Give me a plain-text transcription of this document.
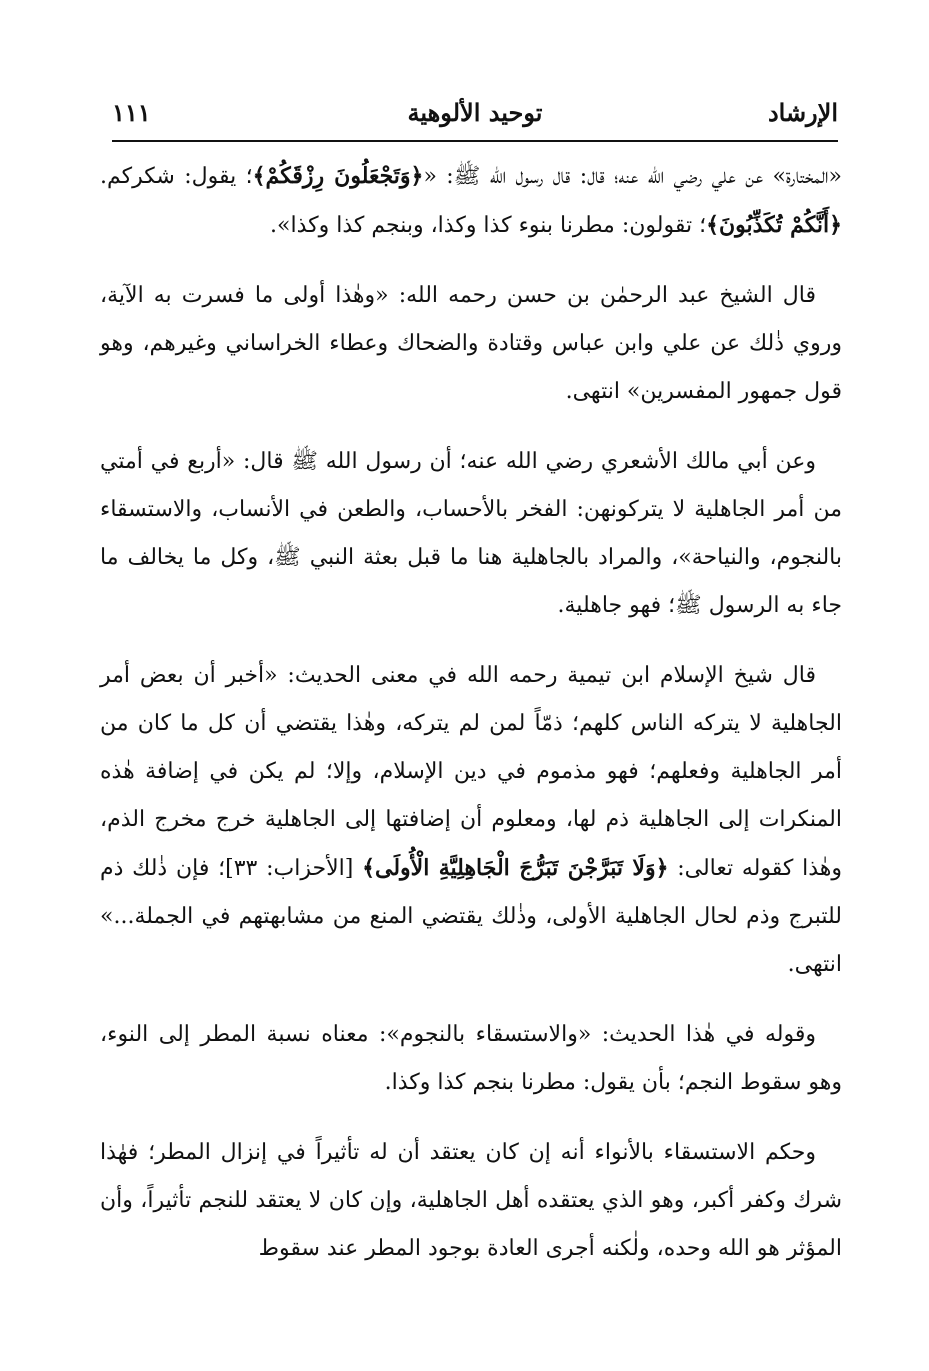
الإرشاد
توحيد الألوهية
١١١

«المختارة» عن علي رضي الله عنه؛ قال: قال رسول الله ﷺ: «﴿وَتَجْعَلُونَ رِزْقَكُمْ﴾؛ يقول: شكركم. ﴿أَنَّكُمْ تُكَذِّبُونَ﴾؛ تقولون: مطرنا بنوء كذا وكذا، وبنجم كذا وكذا».

قال الشيخ عبد الرحمٰن بن حسن رحمه الله: «وهٰذا أولى ما فسرت به الآية، وروي ذٰلك عن علي وابن عباس وقتادة والضحاك وعطاء الخراساني وغيرهم، وهو قول جمهور المفسرين» انتهى.

وعن أبي مالك الأشعري رضي الله عنه؛ أن رسول الله ﷺ قال: «أربع في أمتي من أمر الجاهلية لا يتركونهن: الفخر بالأحساب، والطعن في الأنساب، والاستسقاء بالنجوم، والنياحة»، والمراد بالجاهلية هنا ما قبل بعثة النبي ﷺ، وكل ما يخالف ما جاء به الرسول ﷺ؛ فهو جاهلية.

قال شيخ الإسلام ابن تيمية رحمه الله في معنى الحديث: «أخبر أن بعض أمر الجاهلية لا يتركه الناس كلهم؛ ذمّاً لمن لم يتركه، وهٰذا يقتضي أن كل ما كان من أمر الجاهلية وفعلهم؛ فهو مذموم في دين الإسلام، وإلا؛ لم يكن في إضافة هٰذه المنكرات إلى الجاهلية ذم لها، ومعلوم أن إضافتها إلى الجاهلية خرج مخرج الذم، وهٰذا كقوله تعالى: ﴿وَلَا تَبَرَّجْنَ تَبَرُّجَ الْجَاهِلِيَّةِ الْأُولَى﴾ [الأحزاب: ٣٣]؛ فإن ذٰلك ذم للتبرج وذم لحال الجاهلية الأولى، وذٰلك يقتضي المنع من مشابهتهم في الجملة...» انتهى.

وقوله في هٰذا الحديث: «والاستسقاء بالنجوم»: معناه نسبة المطر إلى النوء، وهو سقوط النجم؛ بأن يقول: مطرنا بنجم كذا وكذا.

وحكم الاستسقاء بالأنواء أنه إن كان يعتقد أن له تأثيراً في إنزال المطر؛ فهٰذا شرك وكفر أكبر، وهو الذي يعتقده أهل الجاهلية، وإن كان لا يعتقد للنجم تأثيراً، وأن المؤثر هو الله وحده، ولٰكنه أجرى العادة بوجود المطر عند سقوط
